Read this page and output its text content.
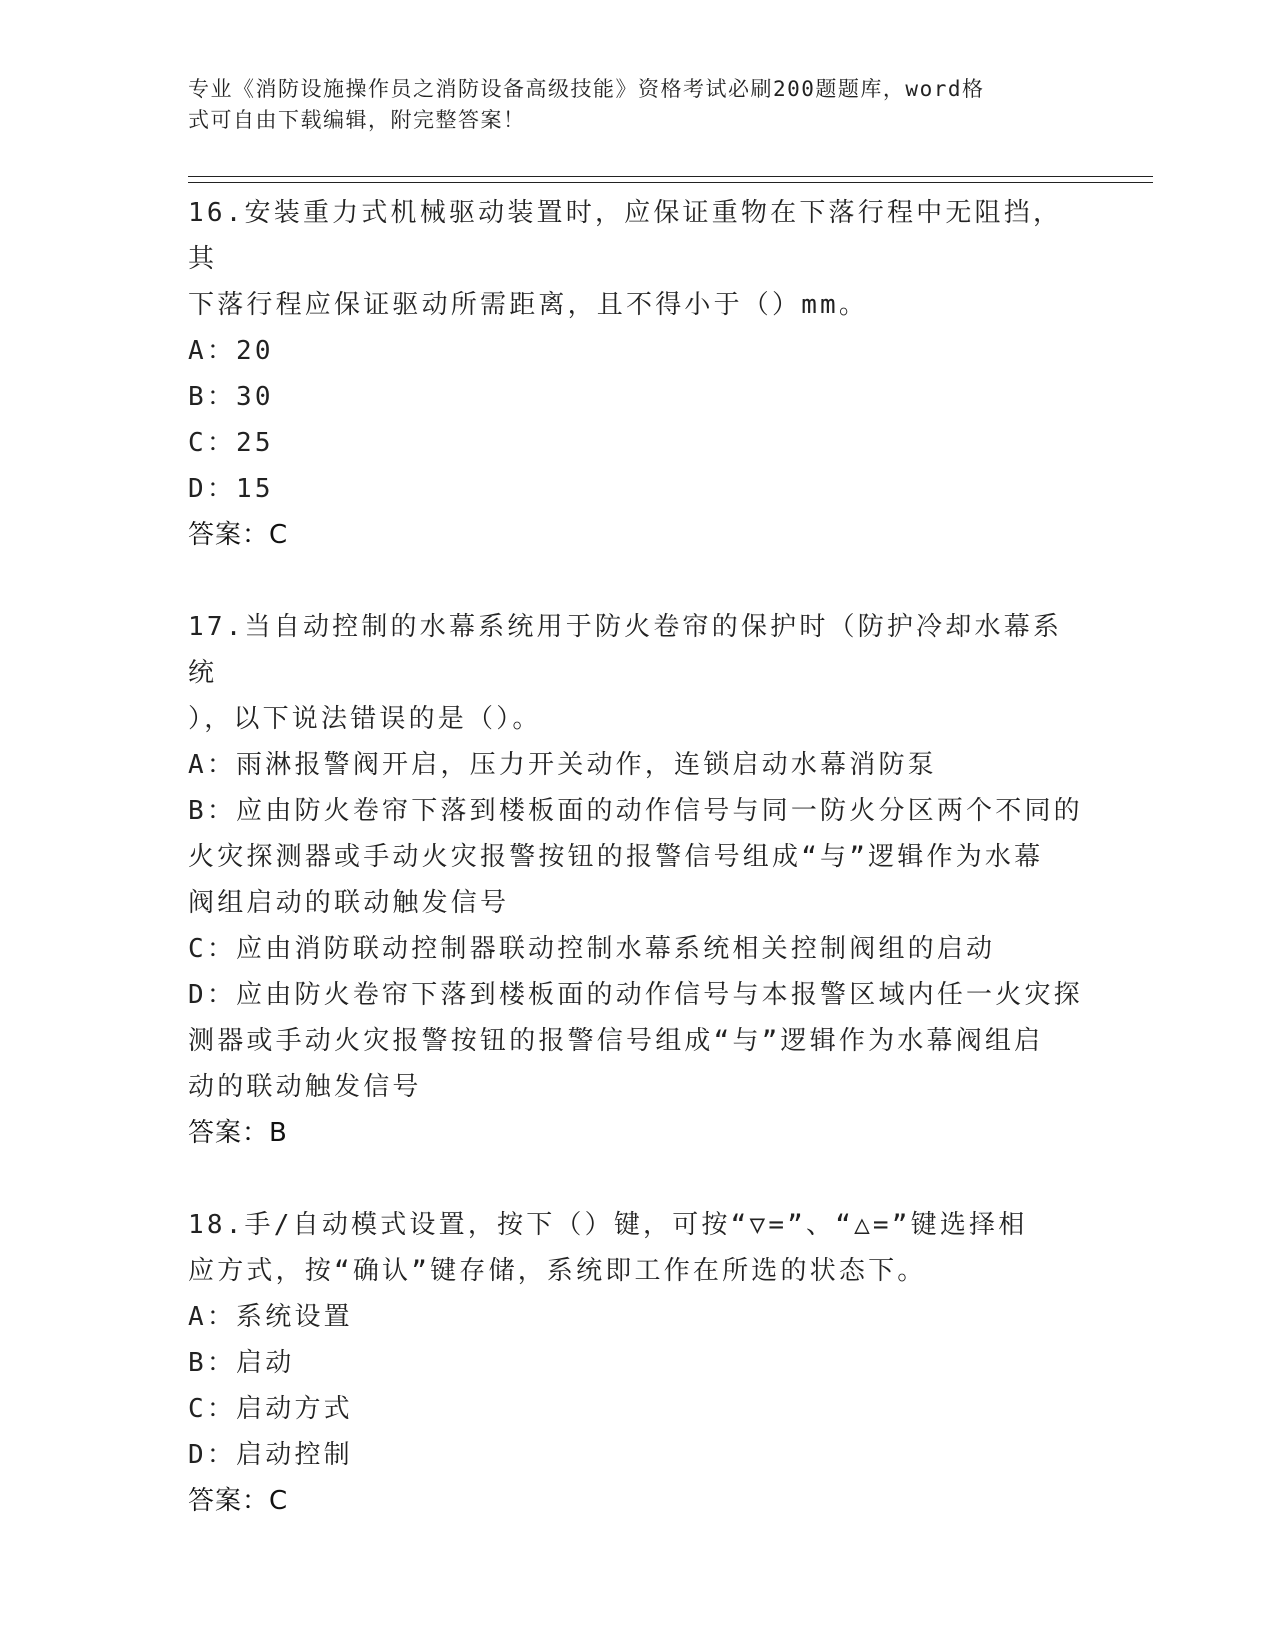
专业《消防设施操作员之消防设备高级技能》资格考试必刷200题题库，word格
式可自由下载编辑，附完整答案！

16.安装重力式机械驱动装置时，应保证重物在下落行程中无阻挡，其

下落行程应保证驱动所需距离，且不得小于（）mm。

A：20

B：30

C：25

D：15

答案：C

17.当自动控制的水幕系统用于防火卷帘的保护时（防护冷却水幕系统

），以下说法错误的是（）。

A：雨淋报警阀开启，压力开关动作，连锁启动水幕消防泵

B：应由防火卷帘下落到楼板面的动作信号与同一防火分区两个不同的

火灾探测器或手动火灾报警按钮的报警信号组成“与”逻辑作为水幕

阀组启动的联动触发信号

C：应由消防联动控制器联动控制水幕系统相关控制阀组的启动

D：应由防火卷帘下落到楼板面的动作信号与本报警区域内任一火灾探

测器或手动火灾报警按钮的报警信号组成“与”逻辑作为水幕阀组启

动的联动触发信号

答案：B

18.手/自动模式设置，按下（）键，可按“▽=”、“△=”键选择相

应方式，按“确认”键存储，系统即工作在所选的状态下。

A：系统设置

B：启动

C：启动方式

D：启动控制

答案：C
